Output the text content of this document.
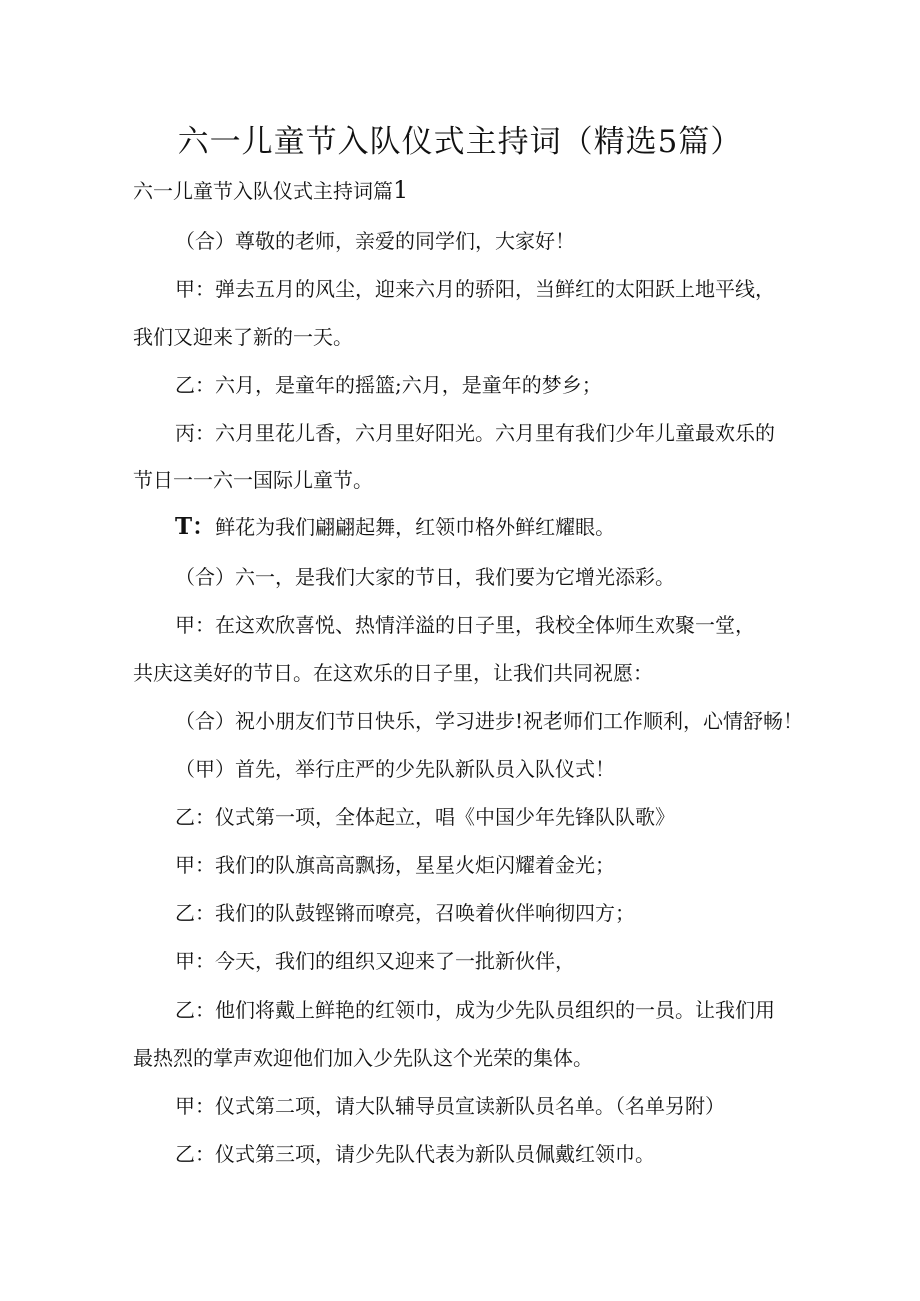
六一儿童节入队仪式主持词（精选5篇）
六一儿童节入队仪式主持词篇1
（合）尊敬的老师，亲爱的同学们，大家好！
甲：弹去五月的风尘，迎来六月的骄阳，当鲜红的太阳跃上地平线，
我们又迎来了新的一天。
乙：六月，是童年的摇篮;六月，是童年的梦乡；
丙：六月里花儿香，六月里好阳光。六月里有我们少年儿童最欢乐的
节日一一六一国际儿童节。
T：鲜花为我们翩翩起舞，红领巾格外鲜红耀眼。
（合）六一，是我们大家的节日，我们要为它增光添彩。
甲：在这欢欣喜悦、热情洋溢的日子里，我校全体师生欢聚一堂，
共庆这美好的节日。在这欢乐的日子里，让我们共同祝愿：
（合）祝小朋友们节日快乐，学习进步!祝老师们工作顺利，心情舒畅！
（甲）首先，举行庄严的少先队新队员入队仪式！
乙：仪式第一项，全体起立，唱《中国少年先锋队队歌》
甲：我们的队旗高高飘扬，星星火炬闪耀着金光；
乙：我们的队鼓铿锵而嘹亮，召唤着伙伴响彻四方；
甲：今天，我们的组织又迎来了一批新伙伴，
乙：他们将戴上鲜艳的红领巾，成为少先队员组织的一员。让我们用
最热烈的掌声欢迎他们加入少先队这个光荣的集体。
甲：仪式第二项，请大队辅导员宣读新队员名单。（名单另附）
乙：仪式第三项，请少先队代表为新队员佩戴红领巾。
